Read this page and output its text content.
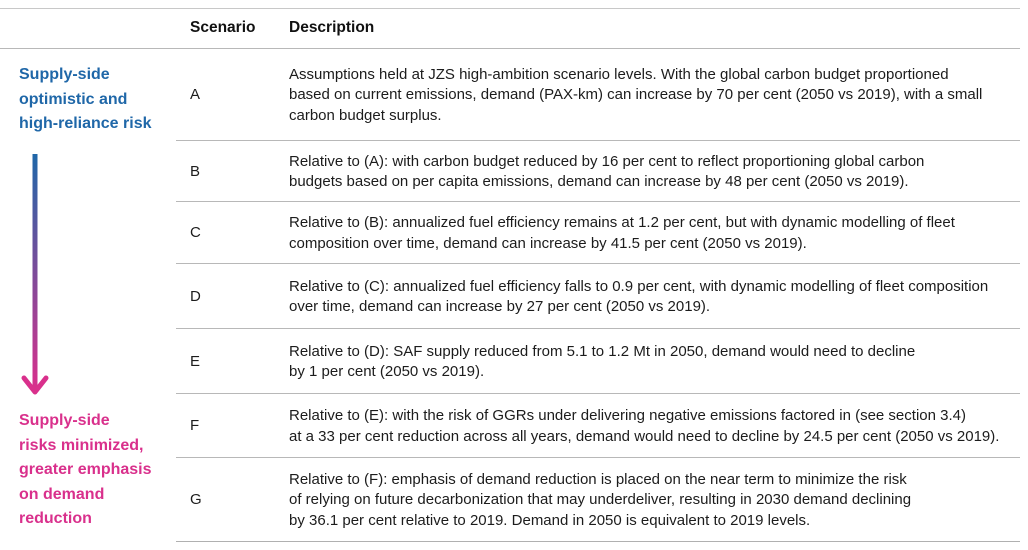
Scenario Description
Supply-side
optimistic and
high-reliance risk
Supply-side
risks minimized,
greater emphasis
on demand
reduction
A
Assumptions held at JZS high-ambition scenario levels. With the global carbon budget proportioned
based on current emissions, demand (PAX-km) can increase by 70 per cent (2050 vs 2019), with a small
carbon budget surplus.
B
Relative to (A): with carbon budget reduced by 16 per cent to reflect proportioning global carbon
budgets based on per capita emissions, demand can increase by 48 per cent (2050 vs 2019).
C
Relative to (B): annualized fuel efficiency remains at 1.2 per cent, but with dynamic modelling of fleet
composition over time, demand can increase by 41.5 per cent (2050 vs 2019).
D
Relative to (C): annualized fuel efficiency falls to 0.9 per cent, with dynamic modelling of fleet composition
over time, demand can increase by 27 per cent (2050 vs 2019).
E
Relative to (D): SAF supply reduced from 5.1 to 1.2 Mt in 2050, demand would need to decline
by 1 per cent (2050 vs 2019).
F
Relative to (E): with the risk of GGRs under delivering negative emissions factored in (see section 3.4)
at a 33 per cent reduction across all years, demand would need to decline by 24.5 per cent (2050 vs 2019).
G
Relative to (F): emphasis of demand reduction is placed on the near term to minimize the risk
of relying on future decarbonization that may underdeliver, resulting in 2030 demand declining
by 36.1 per cent relative to 2019. Demand in 2050 is equivalent to 2019 levels.
